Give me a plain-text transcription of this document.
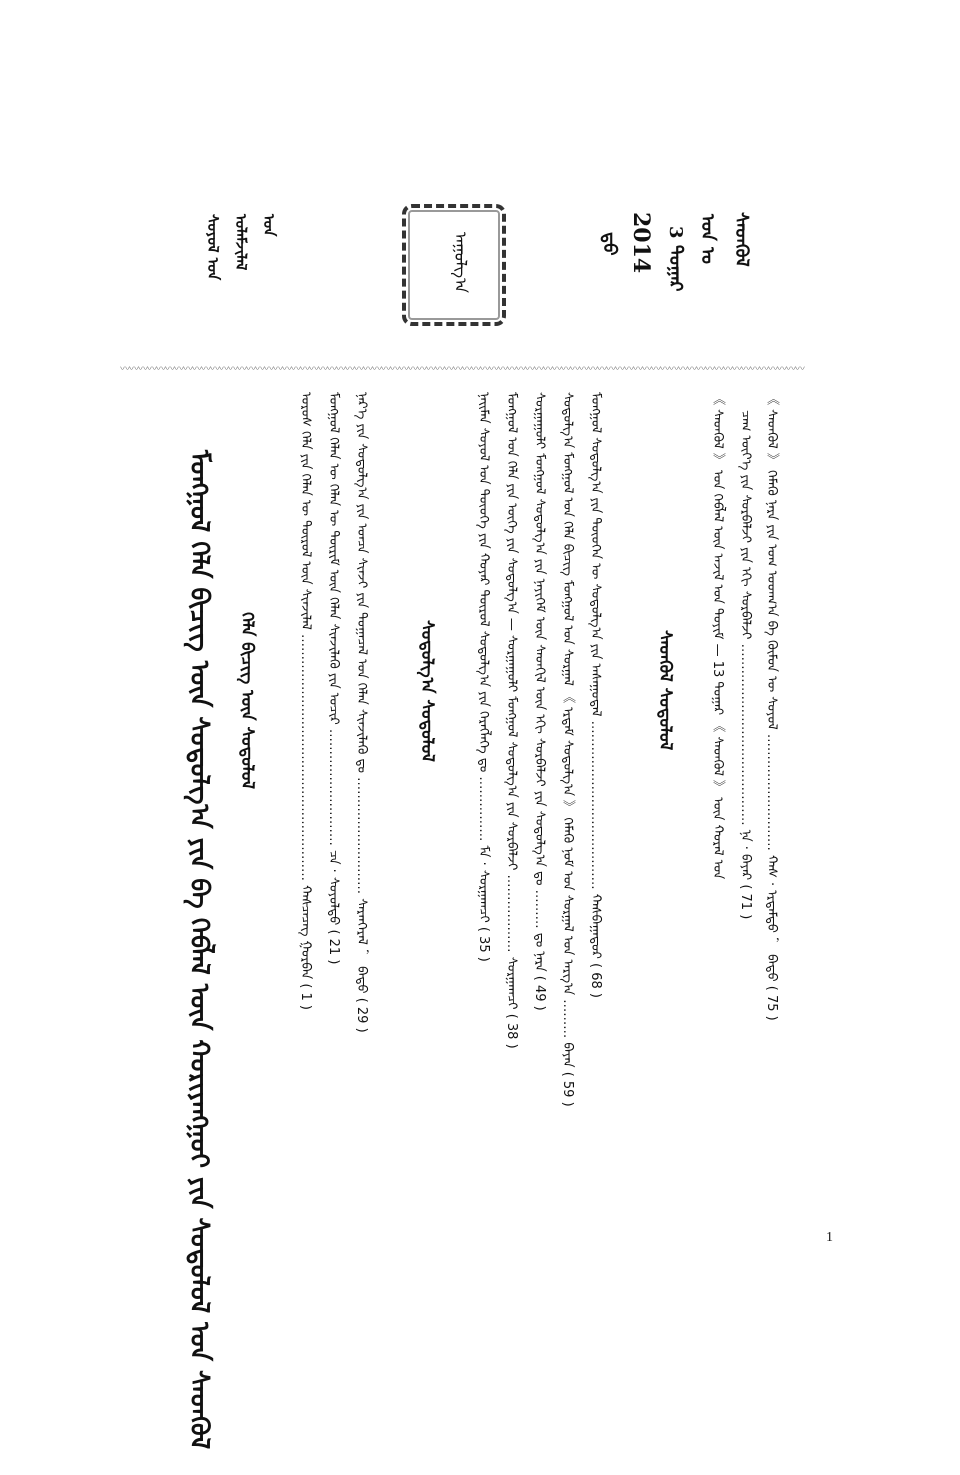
〰〰〰〰〰〰〰〰〰〰〰〰〰〰〰〰〰〰〰〰〰〰〰〰〰〰〰〰〰〰〰〰〰〰〰〰〰〰〰〰〰〰〰〰〰〰〰〰〰〰〰〰〰〰〰〰〰〰〰〰〰〰〰〰〰〰〰〰〰〰〰〰〰〰〰〰
2014 3 ᠳᠤᠭᠠᠷ
ᠣᠨ ᠤ ᠰᠡᠳᠬᠦᠯ
ᠳ᠋ᠤ
ᠰᠣᠶᠣᠯ ᠤᠨ ᠤᠯᠠᠮᠵᠢᠯᠠᠯ ᠤᠨ
ᠠᠭᠤᠯᠭ᠎ᠠ
ᠰᠡᠳᠬᠦᠯ ᠰᠤᠳᠤᠯᠤᠯ	《 ᠰᠡᠳᠬᠦᠯ 》 ᠬᠡᠮᠡᠬᠦ ᠨᠡᠷᠡ ᠶᠢᠨ ᠤᠭ ᠤᠳᠬ᠎ᠠ ᠪᠠ ᠬᠦᠮᠦᠨ ᠦ ᠰᠣᠶᠣᠯ ……………………… ᠬᠠᠰ · ᠡᠷᠳᠡᠮᠲᠦ ， ᠪᠠᠲᠦ ( 75 )
ᠴᠠᠭ ᠦᠶ᠎ᠡ ᠶᠢᠨ ᠰᠤᠷᠪᠠᠯᠵᠢ ᠶᠢᠨ ᠡᠬᠢ ᠰᠤᠷᠪᠠᠯᠵᠢ …………………………………… ᠨᠠ · ᠪᠠᠶᠠᠷ ( 71 )
《 ᠰᠡᠳᠬᠦᠯ 》 ᠤᠨ ᠬᠡᠪᠯᠡᠯ ᠦᠨ ᠠᠵᠢᠯ ᠤᠨ ᠲᠣᠶᠢᠮ — 13 ᠳᠤᠭᠠᠷ 《 ᠰᠡᠳᠬᠦᠯ 》 ᠦᠨ ᠬᠤᠷᠠᠯ ᠤᠨ
ᠰᠤᠳᠤᠯᠭ᠎ᠠ ᠰᠤᠳᠤᠯᠤᠯ	ᠮᠣᠩᠭᠣᠯ ᠰᠤᠳᠤᠯᠭ᠎ᠠ ᠶᠢᠨ ᠲᠦᠦᠬᠡᠨ ᠦ ᠰᠤᠳᠤᠯᠭ᠎ᠠ ᠶᠢᠨ ᠠᠰᠠᠭᠤᠳᠠᠯ ………………………………… ᠬᠠᠰᠪᠠᠭᠠᠲᠦᠷ ( 68 )
ᠰᠤᠳᠤᠯᠭ᠎ᠠ ᠮᠣᠩᠭᠣᠯ ᠤᠨ ᠬᠡᠯᠡ ᠪᠢᠴᠢᠭ ᠮᠣᠩᠭᠣᠯ ᠤᠨ ᠰᠤᠷᠭᠠᠯ 《 ᠡᠷᠳᠡᠮ ᠰᠤᠳᠤᠯᠭ᠎ᠠ 》 ᠬᠡᠮᠡᠬᠦ ᠨᠣᠮ ᠤᠨ ᠰᠤᠷᠭᠠᠯ ᠤᠨ ᠠᠷᠭ᠎ᠠ ……… ᠪᠠᠶᠠᠨ ( 59 )
ᠰᠤᠷᠭᠠᠭᠤᠯᠢ ᠮᠣᠩᠭᠣᠯ ᠰᠤᠳᠤᠯᠭ᠎ᠠ ᠶᠢᠨ ᠨᠡᠶᠢᠭᠡᠮ ᠦᠨ ᠰᠡᠳᠬᠢᠯ ᠦᠨ ᠡᠬᠢ ᠰᠤᠷᠪᠠᠯᠵᠢ ᠶᠢᠨ ᠰᠤᠳᠤᠯᠭ᠎ᠠ ᠳᠤ ……… ᠳᠤ ᠨᠠᠷᠠ ( 49 )
ᠮᠣᠩᠭᠣᠯ ᠤᠨ ᠬᠡᠯᠡ ᠶᠢᠨ ᠦᠭᠡ ᠶᠢᠨ ᠰᠤᠳᠤᠯᠭ᠎ᠠ — ᠰᠤᠷᠭᠠᠭᠤᠯᠢ ᠮᠣᠩᠭᠣᠯ ᠰᠤᠳᠤᠯᠭ᠎ᠠ ᠶᠢᠨ ᠰᠤᠷᠪᠠᠯᠵᠢ ……………… ᠰᠤᠷᠭᠠᠭᠴᠢ ( 38 )
ᠨᠠᠢᠮᠠᠨ ᠰᠣᠶᠣᠯ ᠤᠨ ᠲᠦᠦᠬᠡ ᠶᠢᠨ ᠬᠣᠶᠠᠷ ᠲᠦᠷᠦᠯ ᠰᠤᠳᠤᠯᠭ᠎ᠠ ᠶᠢᠨ ᠬᠡᠷᠡᠭᠯᠡᠭᠡ ᠳᠤ …………… ᠮᠠ · ᠰᠤᠷᠭᠠᠭᠴᠢ ( 35 )
ᠬᠡᠯᠡ ᠪᠢᠴᠢᠭ ᠦᠨ ᠰᠤᠳᠤᠯᠤᠯ	ᠨᠡᠷ᠎ᠡ ᠶᠢᠨ ᠰᠤᠳᠤᠯᠭ᠎ᠠ ᠶᠢᠨ ᠣᠨᠴᠠ ᠰᠢᠨᠵᠢ ᠶᠢᠨ ᠲᠣᠭᠠᠴᠠᠯ ᠤᠨ ᠬᠡᠯᠡᠨ ᠰᠢᠨᠵᠢᠯᠡᠬᠦ ᠳᠤ ……………………… ᠰᠠᠷᠠᠨᠭᠡᠷᠡᠯ ， ᠪᠠᠲᠦ ( 29 )
ᠮᠣᠩᠭᠣᠯ ᠬᠡᠯᠡᠨ ᠦ ᠬᠡᠯᠡᠨ ᠦ ᠳᠦᠷᠢᠮ ᠦᠨ ᠬᠡᠯᠡᠨ ᠰᠢᠨᠵᠢᠯᠡᠬᠦ ᠶᠢᠨ ᠤᠴᠢᠷ ……………………… ᠴᠡ · ᠰᠣᠶᠣᠯᠲᠤ ( 21 )
ᠤᠷᠤᠰ ᠬᠡᠯᠡ ᠶᠢᠨ ᠬᠡᠯᠡᠨ ᠦ ᠲᠦᠷᠦᠯ ᠦᠨ ᠰᠢᠨᠵᠢᠯᠡᠯ ………………………………………………… ᠬᠠᠰᠴᠡᠴᠡᠭ ᠭᠤᠷᠪᠠᠨ ( 1 )
ᠮᠣᠩᠭᠣᠯ ᠬᠡᠯᠡ ᠪᠢᠴᠢᠭ ᠦᠨ ᠰᠤᠳᠤᠯᠭ᠎ᠠ ᠶᠢᠨ ᠪᠠ ᠬᠡᠪᠯᠡᠯ ᠦᠨ ᠬᠣᠷᠢᠶᠠᠩᠭᠤᠢ ᠶᠢᠨ ᠰᠤᠳᠤᠯᠤᠯ ᠤᠨ ᠰᠡᠳᠬᠦᠯ	1
